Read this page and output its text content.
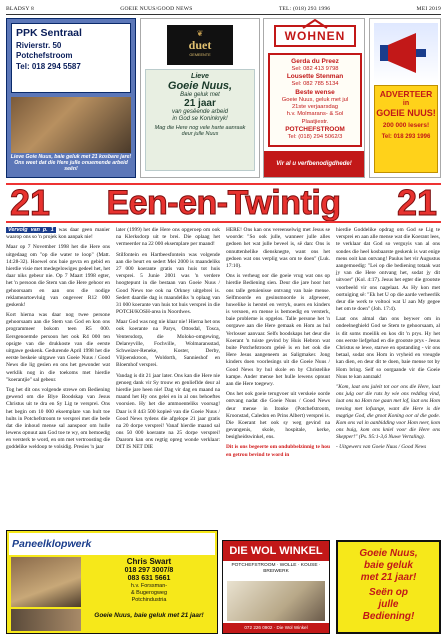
BLADSY 8	GOEIE NUUS/GOOD NEWS	TEL: (018) 293 1996	MEI 2019
PPK Sentraal
Rivierstr. 50
Potchefstroom
Tel: 018 294 5587
Lieve Goie Nuus, baie geluk met 21 kosbare jare! Ons weet dat die Here julle onuemende arbeid seën!
❦
duet
GEMEENTE
Lieve
Goeie Nuus,
Baie geluk met
21 jaar
van gesëende arbeid
in God se Koninkryk!
Mag die Here nog vele harte aanraak deur julle Nuus
WOHNEN
Gerda du Preez
Sel: 082 413 9798
Lousette Stenman
Sel: 082 785 5134
Beste wense
Goeie Nuus, geluk met jul
21ste verjaarsdag
h.v. Molmarans- & Sol Plaatjiestr.
POTCHEFSTROOM
Tel: (018) 294 5062/3
Vir al u verfbenodigdhede!
ADVERTEER
in
GOEIE NUUS!
200 000 lesers!
Tel: 018 293 1996
21 Een-en-Twintig 21

Vervolg van p. 1 was daar geen manier waarop ons so 'n projek kon aanpak nie!

Maar op 7 November 1998 het die Here ons uitgedaag om "op die water te loop" (Matt. 14:28-32). Hoewel ons baie gevra en gebid en hierdie visie met medegelowiges gedeel het, het daar niks gebeur nie. Op 7 Maart 1998 egter, het 'n persoon die Stem van die Here gehoor en gehoorsaam en aan ons die nodige reklameartoevluig van ongeveer R12 000 geskenk!

Kort hierna was daar nog twee persone gehoorsaam aan die Stem van God en kon ons programmeer bokom teen R5 000. Eersgenoemde persoon het ook R4 000 ten opsigte van die drukkoste van die eerste uitgawe geskenk. Gedurende April 1998 het die eerste beskeie uitgawe van Goeie Nuus / Good News die lig gesien en ons het gewonder wat werklik nog in die toekoms met hierdie "koerantjie" sal gebeur.

Tog het dit ons volgende strewe om Bediening gewend om die Blye Boodskap van Jesus Christus uit te dra en Sy Lig te versprei. Ons het begin om 10 000 eksemplare van hult toe hults in Potchefstroom te versprei met die bede dat die inhoud mense sal aanspoor om hulle lewens opnuut aan God toe te wy, om bemoedig en versterk te word, en om met vertroosting die goddelike weldoop te volsidig. Presies 'n jaar

later (1999) het die Here ons opgeroep om ook na Klerksdorp uit te brei. Die oplaag het vermeerder na 22 000 eksemplare per maand!

Stilfontein en Hartbeesfontein was volgende aan die beurt en sedert Mei 2000 is maandeliks 27 000 koerante gratis van huis tot huis versprei. 5 Junie 2001 was 'n verdere hoogtepunt in die bestaan van Goeie Nuus / Good News toe ook na Orkney uitgebrei is. Sedert daardie dag is maandeliks 'n oplaag van 31 000 koerante van huis tot huis versprei in die POTCH/KOSH-area in Noordwes.

Maar God was nog nie klaar nie! Hierna het ons ook koerante na Parys, Ottosdal, Tosca, Ventersdorp, die Moloko-omgewing, Delareyville, Fochville, Wolmaransstad, Schweizer-Reneke, Koster, Derby, Viljoenskroon, Woldorth, Sannieshof en Bloemhof versprei.

Vandag is dit 21 jaar later. Ons kan die Here nie genoeg dank vir Sy trouw en genlieflde deur al hierdie jare heen nie! Dag vir dag en maand na maand het Hy ons gelei en in al ons behoeftes voorsien. Hy het die ammoenteliks voorsag! Daar is 8 443 500 kopieë van die Goeie Nuus / Good News tydens die afgelope 21 jaar gratis na 20 dorpe versprei! Vanaf hierdie maand sal ons 50 000 koerante na 25 dorpe versprei! Daarom kan ons regtig opreg wonde verklaar: DIT IS NET DIE

HERE! Ons kan ons vereenselwig met Jesus se woorde: "So ook julle, wanneer julle alles gedoen het wat julle beveel is, sê dan: Ons is onnuttenhelike diensknegte, want ons het gedoen wat ons verplig was om te doen" (Luk. 17:10).

Ons is verheug oor die goeie vrug wat ons op hierdie Bediening sien. Deur die jare hoor hot ons talle getuienisse ontvang van baie mense. Selfmoorde en gesinsmoorde is afgeweer, huwelike is herstel en verryk, ouers en kinders is versoen, en mense is bemoedig en versterk, baie probleme is opgelos. Talle persone het 'n oorgawe aan die Here gemaak en Hom as hul Verlosser aanvaar. Selfs boodskaps het deur die Koerant 'n tuiste gevind by Huis Hebron wat buite Potchefstroom geleë is en het ook die Here Jesus aangeneem as Saligmaker. Jong kinders doen voorlesings uit die Goeie Nuus / Good News by hul skole en by Christelike kampe. Ander mense het hulle lewens opnuut aan die Here toegewy.

Ons het ook goeie terugvoer uit verskeie oorde ontvang nadat die Goeie Nuus / Good News deur mense in Itonke (Potchefstroom, Kroonstad, Caledon en Prins Albert) versprei is. Die Koerant het ook sy weg gevind na gevangenis, skole, hospitale, kerke, besigheidswinkel, ens.

Dit is ons begeerte om ondubbelzinnig te hou en getrou bevind te word in

hierdie Goddelike opdrag om God se Lig te versprei en aan alle mense wat die Koerant lees, te verklaar dat God so verguyis van al ons sondes die heel kosbaarste geskenk is wat enige mens ooit kan ontvang! Paulus het vir Augustus aangemoedig: "Lei op die bediening totaak wat jy van die Here ontvang het, sodat jy dit uitvoer" (Kol. 4:17). Jesus het egter die grootste voorbeeld vir ons nagelaat. As Hy kon met oortuiging sê: "Ek het U op die aarde verheerlik deur die werk te voltooi wat U aan My gegee het om te doen" (Joh. 17:4).

Laat ons almal dan ons beywer om in ondeelneghield God se Stem te gehoorsaam, al is dit soms moeilik en kos dit 'n prys. Hy het ons eerste liefgehad en die grootste prys - Jesus Christus se lewe, starwe en opstanding - vir ons betaal, sodat ons Hom in vryheid en vreugde kan dien, en deur dit te doen, baie mense tot by Hom bring. Self so oorgaande vir die Goeie Nuus te kan aanraak!

"Kom, laat ons juleit tot oor ons die Here, laat ons julg oor die ruts by wie ons redding vind, laat ons na Hom toe gaan met lof, laat ons Hom teesing met lofsange, want die Here is die magtige God, die groot Koning oor al die gode. Kom ons val in aanbidding voor Hom neer, kom ons buig, kom ons kniel voor die Here ons Skepper!" (Ps. 95:1-3,6 Nuwe Vertaling).

- Uitgewers van Goeie Nuus / Good News

Paneelklopwerk
Chris Swart
018 297 3007/8
083 631 5661
h.v. Forssman-
& Bugerogweg
Potchindustria
Goeie Nuus, baie geluk met 21 jaar!
DIE WOL WINKEL
POTCHEFSTROOM · WOLLE · KOUSE · BREIWERK
072 226 0902 · Die Wol Winkel
Goeie Nuus,
baie geluk
met 21 jaar!
Seën op
julle
Bediening!
